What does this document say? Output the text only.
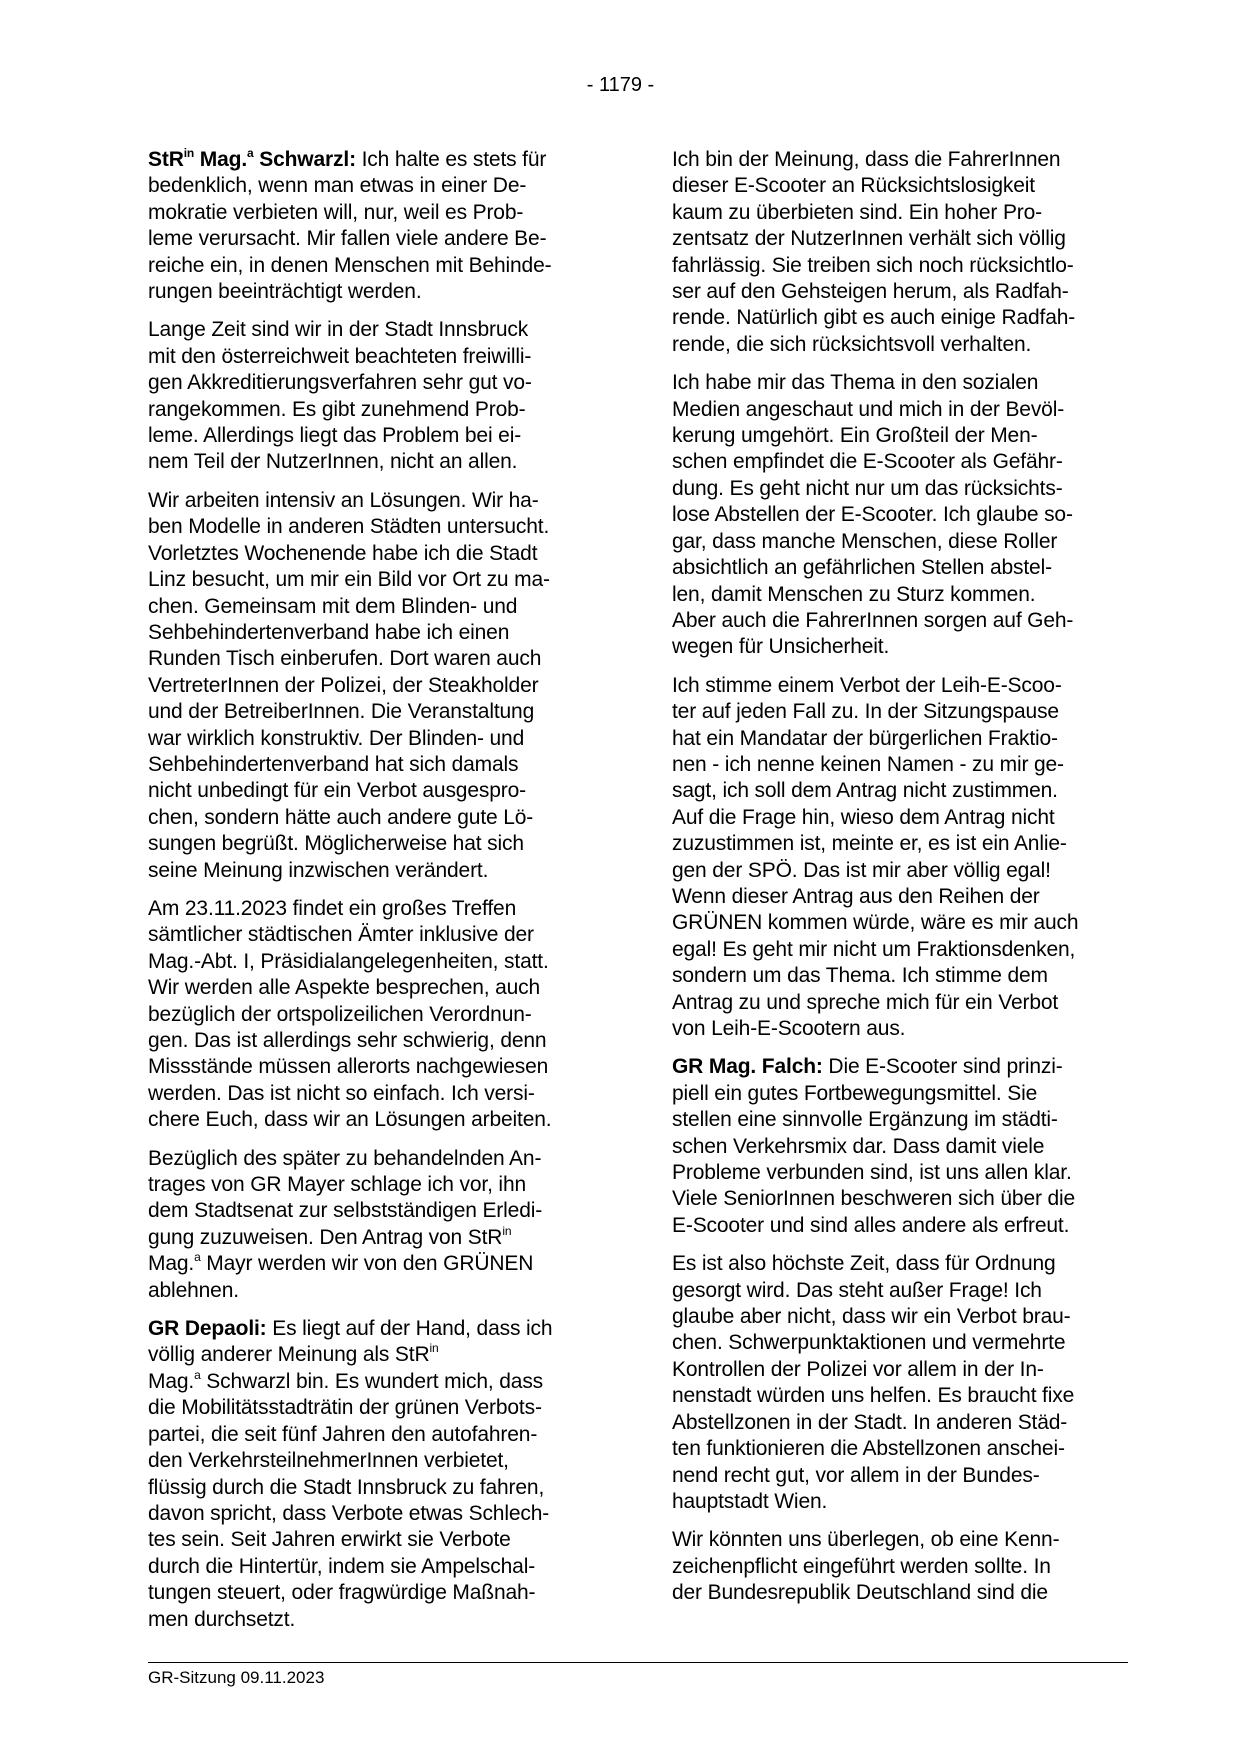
- 1179 -
StR$^{in}$ Mag.$^a$ Schwarzl: Ich halte es stets für
bedenklich, wenn man etwas in einer De-
mokratie verbieten will, nur, weil es Prob-
leme verursacht. Mir fallen viele andere Be-
reiche ein, in denen Menschen mit Behinde-
rungen beeinträchtigt werden.
Lange Zeit sind wir in der Stadt Innsbruck
mit den österreichweit beachteten freiwilli-
gen Akkreditierungsverfahren sehr gut vo-
rangekommen. Es gibt zunehmend Prob-
leme. Allerdings liegt das Problem bei ei-
nem Teil der NutzerInnen, nicht an allen.
Wir arbeiten intensiv an Lösungen. Wir ha-
ben Modelle in anderen Städten untersucht.
Vorletztes Wochenende habe ich die Stadt
Linz besucht, um mir ein Bild vor Ort zu ma-
chen. Gemeinsam mit dem Blinden- und
Sehbehindertenverband habe ich einen
Runden Tisch einberufen. Dort waren auch
VertreterInnen der Polizei, der Steakholder
und der BetreiberInnen. Die Veranstaltung
war wirklich konstruktiv. Der Blinden- und
Sehbehindertenverband hat sich damals
nicht unbedingt für ein Verbot ausgespro-
chen, sondern hätte auch andere gute Lö-
sungen begrüßt. Möglicherweise hat sich
seine Meinung inzwischen verändert.
Am 23.11.2023 findet ein großes Treffen
sämtlicher städtischen Ämter inklusive der
Mag.-Abt. I, Präsidialangelegenheiten, statt.
Wir werden alle Aspekte besprechen, auch
bezüglich der ortspolizeilichen Verordnun-
gen. Das ist allerdings sehr schwierig, denn
Missstände müssen allerorts nachgewiesen
werden. Das ist nicht so einfach. Ich versi-
chere Euch, dass wir an Lösungen arbeiten.
Bezüglich des später zu behandelnden An-
trages von GR Mayer schlage ich vor, ihn
dem Stadtsenat zur selbstständigen Erledi-
gung zuzuweisen. Den Antrag von StR$^{in}$
Mag.$^a$ Mayr werden wir von den GRÜNEN
ablehnen.
GR Depaoli: Es liegt auf der Hand, dass ich
völlig anderer Meinung als StR$^{in}$
Mag.$^a$ Schwarzl bin. Es wundert mich, dass
die Mobilitätsstadträtin der grünen Verbots-
partei, die seit fünf Jahren den autofahren-
den VerkehrsteilnehmerInnen verbietet,
flüssig durch die Stadt Innsbruck zu fahren,
davon spricht, dass Verbote etwas Schlech-
tes sein. Seit Jahren erwirkt sie Verbote
durch die Hintertür, indem sie Ampelschal-
tungen steuert, oder fragwürdige Maßnah-
men durchsetzt.
Ich bin der Meinung, dass die FahrerInnen
dieser E-Scooter an Rücksichtslosigkeit
kaum zu überbieten sind. Ein hoher Pro-
zentsatz der NutzerInnen verhält sich völlig
fahrlässig. Sie treiben sich noch rücksichtlo-
ser auf den Gehsteigen herum, als Radfah-
rende. Natürlich gibt es auch einige Radfah-
rende, die sich rücksichtsvoll verhalten.
Ich habe mir das Thema in den sozialen
Medien angeschaut und mich in der Bevöl-
kerung umgehört. Ein Großteil der Men-
schen empfindet die E-Scooter als Gefähr-
dung. Es geht nicht nur um das rücksichts-
lose Abstellen der E-Scooter. Ich glaube so-
gar, dass manche Menschen, diese Roller
absichtlich an gefährlichen Stellen abstel-
len, damit Menschen zu Sturz kommen.
Aber auch die FahrerInnen sorgen auf Geh-
wegen für Unsicherheit.
Ich stimme einem Verbot der Leih-E-Scoo-
ter auf jeden Fall zu. In der Sitzungspause
hat ein Mandatar der bürgerlichen Fraktio-
nen - ich nenne keinen Namen - zu mir ge-
sagt, ich soll dem Antrag nicht zustimmen.
Auf die Frage hin, wieso dem Antrag nicht
zuzustimmen ist, meinte er, es ist ein Anlie-
gen der SPÖ. Das ist mir aber völlig egal!
Wenn dieser Antrag aus den Reihen der
GRÜNEN kommen würde, wäre es mir auch
egal! Es geht mir nicht um Fraktionsdenken,
sondern um das Thema. Ich stimme dem
Antrag zu und spreche mich für ein Verbot
von Leih-E-Scootern aus.
GR Mag. Falch: Die E-Scooter sind prinzi-
piell ein gutes Fortbewegungsmittel. Sie
stellen eine sinnvolle Ergänzung im städti-
schen Verkehrsmix dar. Dass damit viele
Probleme verbunden sind, ist uns allen klar.
Viele SeniorInnen beschweren sich über die
E-Scooter und sind alles andere als erfreut.
Es ist also höchste Zeit, dass für Ordnung
gesorgt wird. Das steht außer Frage! Ich
glaube aber nicht, dass wir ein Verbot brau-
chen. Schwerpunktaktionen und vermehrte
Kontrollen der Polizei vor allem in der In-
nenstadt würden uns helfen. Es braucht fixe
Abstellzonen in der Stadt. In anderen Städ-
ten funktionieren die Abstellzonen anschei-
nend recht gut, vor allem in der Bundes-
hauptstadt Wien.
Wir könnten uns überlegen, ob eine Kenn-
zeichenpflicht eingeführt werden sollte. In
der Bundesrepublik Deutschland sind die
GR-Sitzung 09.11.2023
